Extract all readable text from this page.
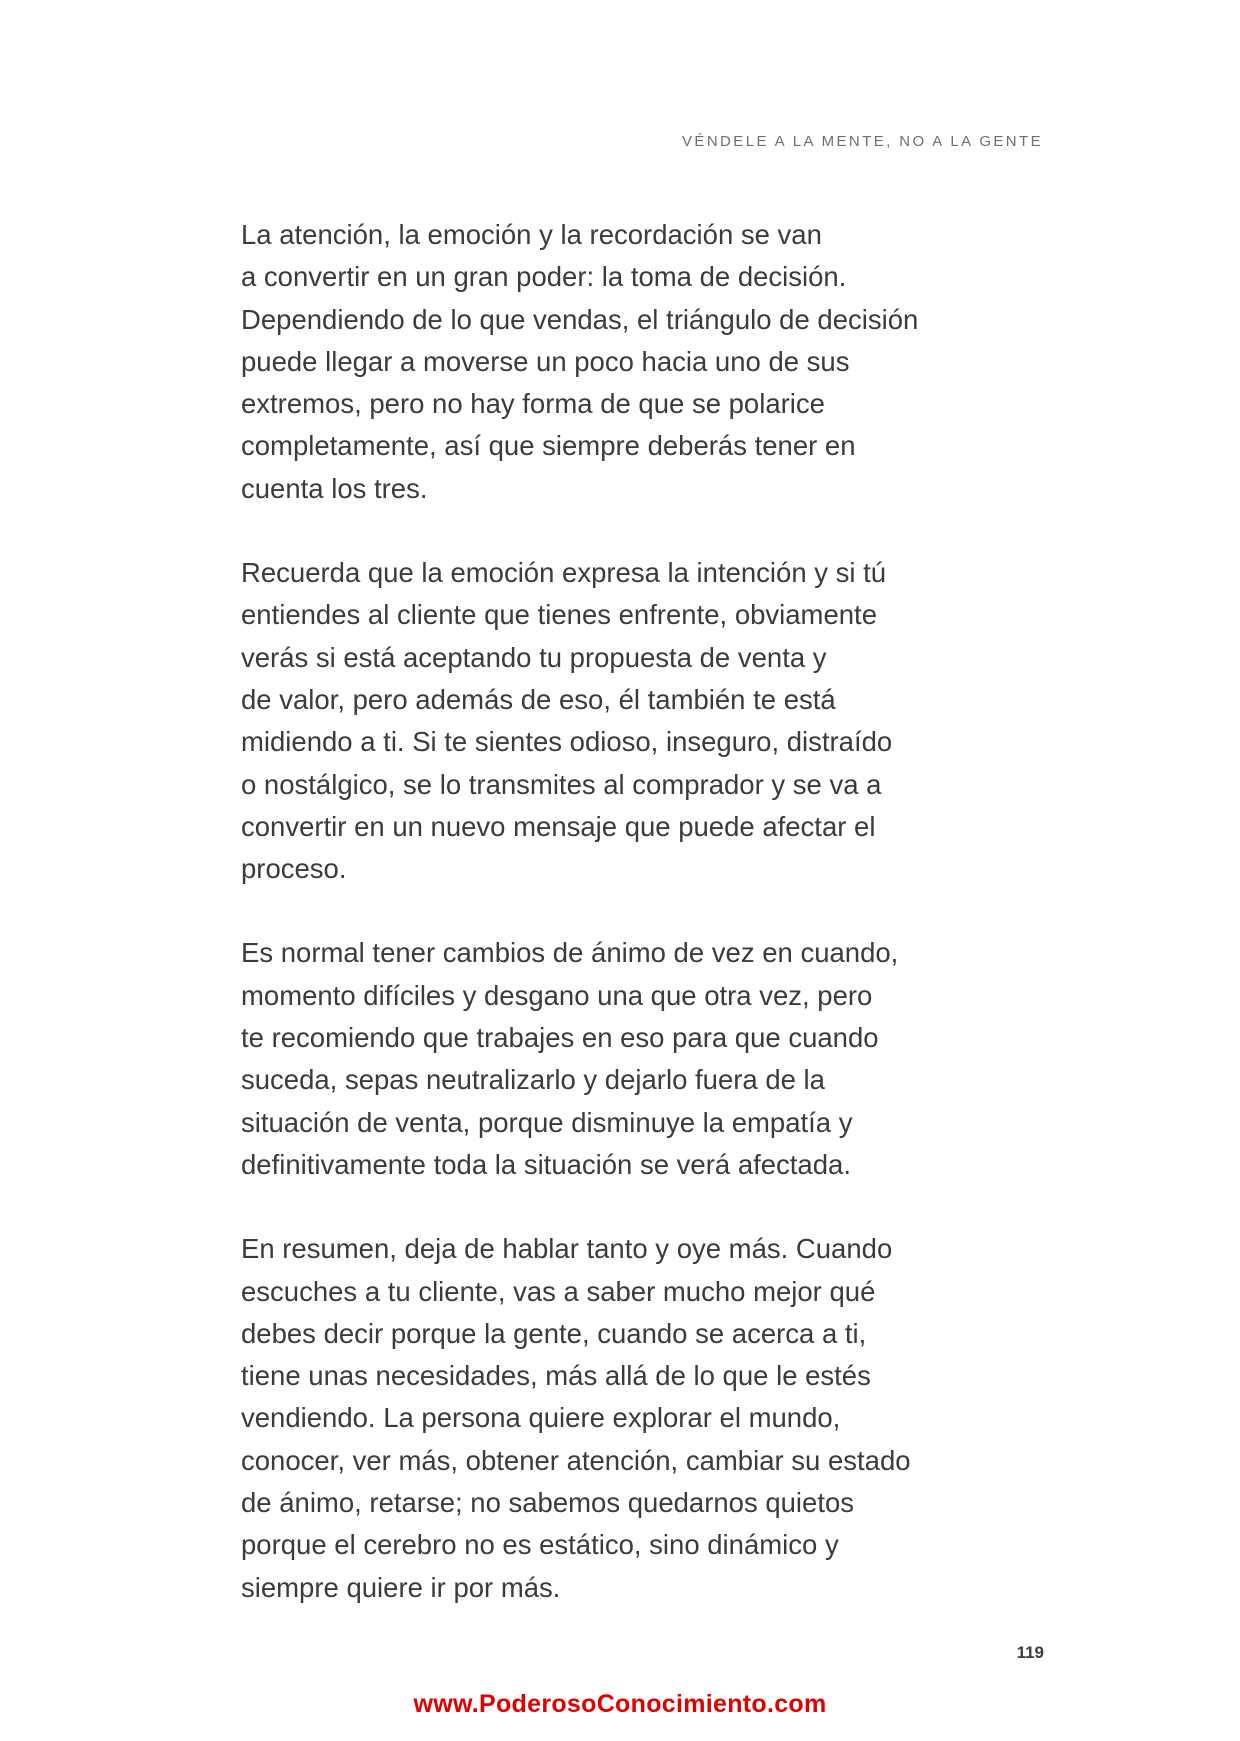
VÉNDELE A LA MENTE, NO A LA GENTE

La atención, la emoción y la recordación se van
a convertir en un gran poder: la toma de decisión.
Dependiendo de lo que vendas, el triángulo de decisión
puede llegar a moverse un poco hacia uno de sus
extremos, pero no hay forma de que se polarice
completamente, así que siempre deberás tener en
cuenta los tres.

Recuerda que la emoción expresa la intención y si tú
entiendes al cliente que tienes enfrente, obviamente
verás si está aceptando tu propuesta de venta y
de valor, pero además de eso, él también te está
midiendo a ti. Si te sientes odioso, inseguro, distraído
o nostálgico, se lo transmites al comprador y se va a
convertir en un nuevo mensaje que puede afectar el
proceso.

Es normal tener cambios de ánimo de vez en cuando,
momento difíciles y desgano una que otra vez, pero
te recomiendo que trabajes en eso para que cuando
suceda, sepas neutralizarlo y dejarlo fuera de la
situación de venta, porque disminuye la empatía y
definitivamente toda la situación se verá afectada.

En resumen, deja de hablar tanto y oye más. Cuando
escuches a tu cliente, vas a saber mucho mejor qué
debes decir porque la gente, cuando se acerca a ti,
tiene unas necesidades, más allá de lo que le estés
vendiendo. La persona quiere explorar el mundo,
conocer, ver más, obtener atención, cambiar su estado
de ánimo, retarse; no sabemos quedarnos quietos
porque el cerebro no es estático, sino dinámico y
siempre quiere ir por más.

119
www.PoderosoConocimiento.com
